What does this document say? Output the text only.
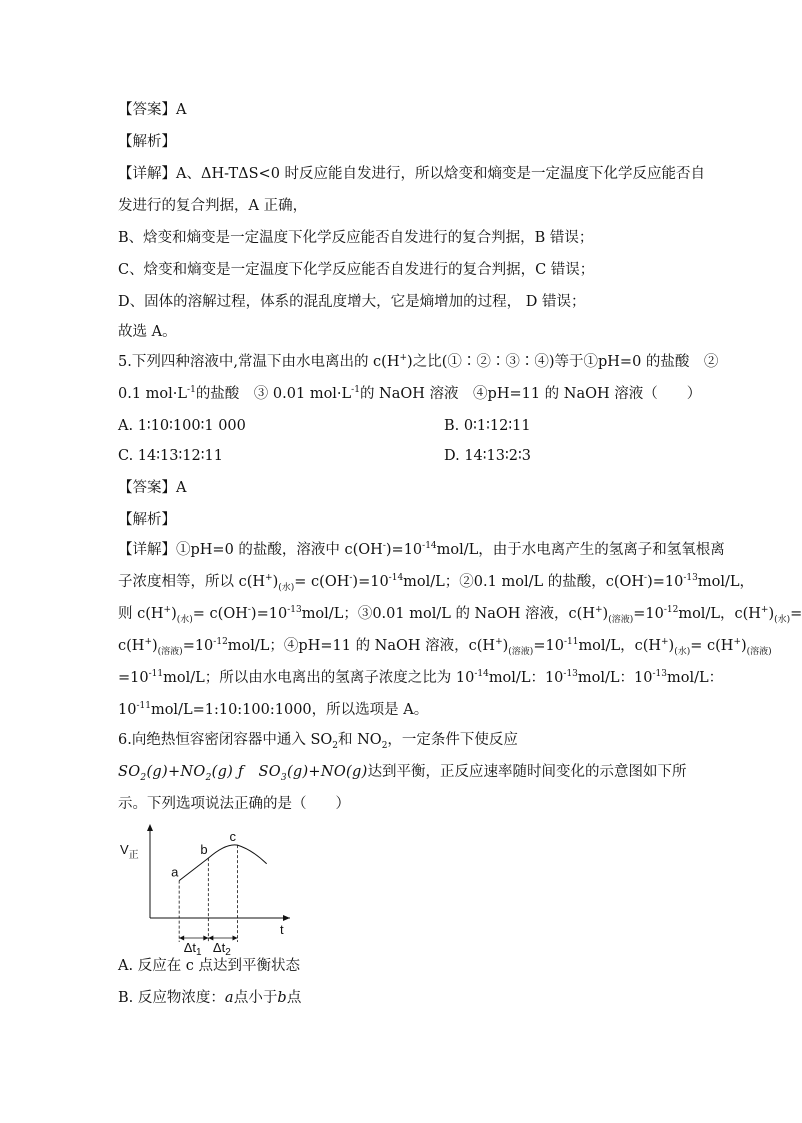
【答案】A
【解析】
【详解】A、ΔH-TΔS<0 时反应能自发进行，所以焓变和熵变是一定温度下化学反应能否自
发进行的复合判据，A 正确，
B、焓变和熵变是一定温度下化学反应能否自发进行的复合判据，B 错误；
C、焓变和熵变是一定温度下化学反应能否自发进行的复合判据，C 错误；
D、固体的溶解过程，体系的混乱度增大，它是熵增加的过程， D 错误；
故选 A。
5.下列四种溶液中,常温下由水电离出的 c(H+)之比(①∶②∶③∶④)等于①pH=0 的盐酸　②
0.1 $mol\cdot L^{-1}$的盐酸　③ 0.01 $mol\cdot L^{-1}$的 NaOH 溶液　④pH=11 的 NaOH 溶液（　　）
A. 1∶10∶100∶1 000	B. 0∶1∶12∶11
C. 14∶13∶12∶11	D. 14∶13∶2∶3
【答案】A
【解析】
【详解】①pH=0 的盐酸，溶液中 $c(OH^-)=10^{-14}mol/L$，由于水电离产生的氢离子和氢氧根离
子浓度相等，所以 $c(H^+)_{(水)}= c(OH^-)=10^{-14}mol/L$；②0.1 mol/L 的盐酸，$c(OH^-)=10^{-13}mol/L$，
则 $c(H^+)_{(水)}= c(OH^-)=10^{-13}mol/L$；③0.01 mol/L 的 NaOH 溶液，$c(H^+)_{(溶液)}=10^{-12}mol/L$，$c(H^+)_{(水)}=$
$c(H^+)_{(溶液)}=10^{-12}mol/L$；④pH=11 的 NaOH 溶液，$c(H^+)_{(溶液)}=10^{-11}mol/L$，$c(H^+)_{(水)}= c(H^+)_{(溶液)}$
$=10^{-11}mol/L$；所以由水电离出的氢离子浓度之比为 $10^{-14}mol/L$：$10^{-13}mol/L$：$10^{-13}mol/L$：
$10^{-11}mol/L=1:10:100:1000$，所以选项是 A。
6.向绝热恒容密闭容器中通入 $SO_2$和 $NO_2$，一定条件下使反应
$SO_2(g)+NO_2(g)$ ƒ　$SO_3(g)+NO(g)$达到平衡，正反应速率随时间变化的示意图如下所
示。下列选项说法正确的是（　　）
A. 反应在 c 点达到平衡状态
B. 反应物浓度：a点小于b点
$V_正$
t
a
b
c
$\Delta t_1$ $\Delta t_2$
